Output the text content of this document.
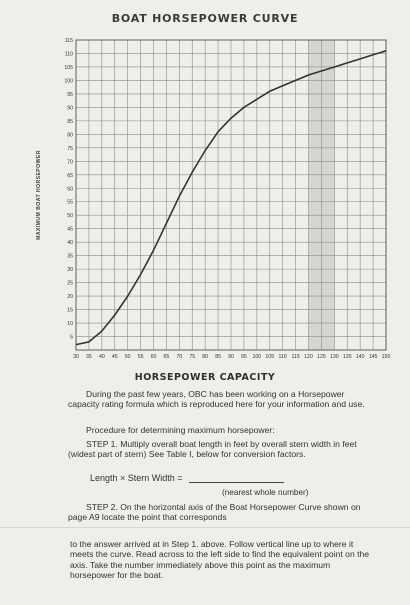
BOAT HORSEPOWER CURVE
5
10
15
20
25
30
35
40
45
50
55
60
65
70
75
80
85
90
95
100
105
110
115
30 35 40 45 50 55 60 65 70 75 80 85 90 95 100 105 110 115 120 125 130 135 140 145 150
MAXIMUM BOAT HORSEPOWER
HORSEPOWER CAPACITY
During the past few years, OBC has been working on a Horsepower capacity rating formula which is reproduced here for your information and use.
Procedure for determining maximum horsepower:
STEP 1. Multiply overall boat length in feet by overall stern width in feet (widest part of stern) See Table I, below for conversion factors.
Length × Stern Width =
(nearest whole number)
STEP 2. On the horizontal axis of the Boat Horsepower Curve shown on page A9 locate the point that corresponds
to the answer arrived at in Step 1. above. Follow vertical line up to where it meets the curve. Read across to the left side to find the equivalent point on the axis. Take the number immediately above this point as the maximum horsepower for the boat.
